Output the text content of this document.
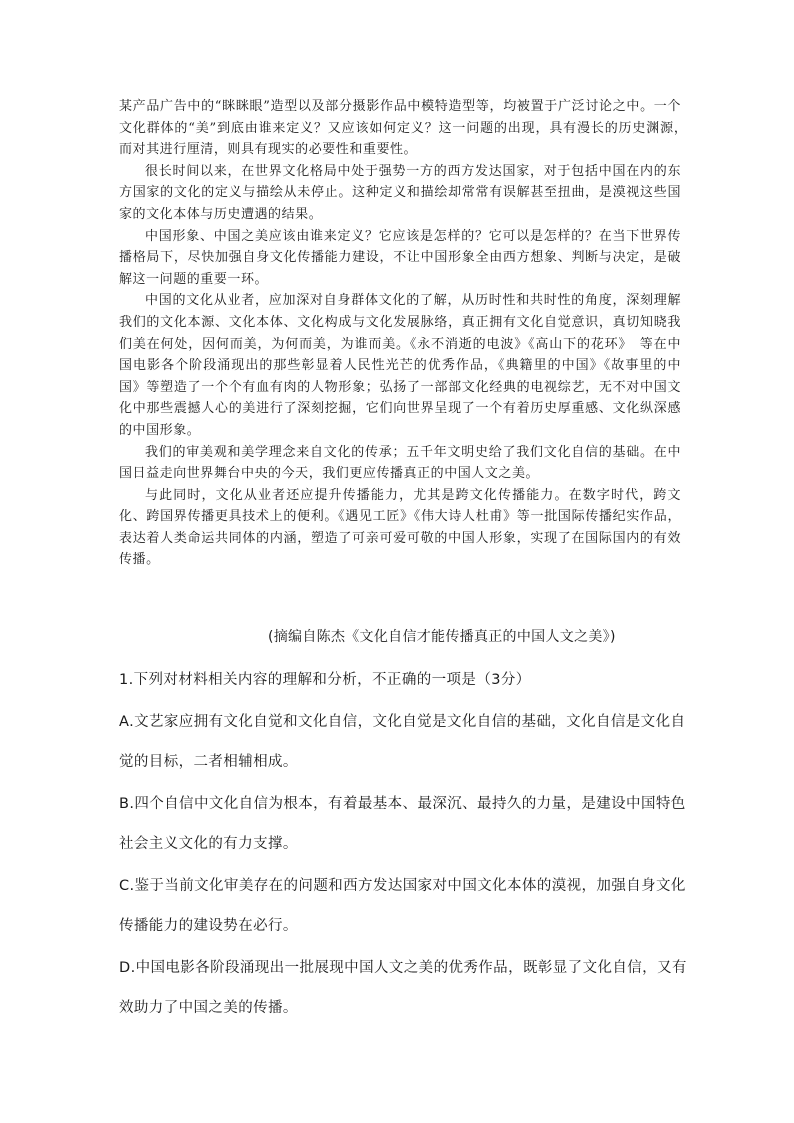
某产品广告中的“眯眯眼”造型以及部分摄影作品中模特造型等，均被置于广泛讨论之中。一个文化群体的“美”到底由谁来定义？又应该如何定义？这一问题的出现，具有漫长的历史渊源，　而对其进行厘清，则具有现实的必要性和重要性。

很长时间以来，在世界文化格局中处于强势一方的西方发达国家，对于包括中国在内的东方国家的文化的定义与描绘从未停止。这种定义和描绘却常常有误解甚至扭曲，是漠视这些国家的文化本体与历史遭遇的结果。

中国形象、中国之美应该由谁来定义？它应该是怎样的？它可以是怎样的？在当下世界传播格局下，尽快加强自身文化传播能力建设，不让中国形象全由西方想象、判断与决定，是破解这一问题的重要一环。

中国的文化从业者，应加深对自身群体文化的了解，从历时性和共时性的角度，深刻理解我们的文化本源、文化本体、文化构成与文化发展脉络，真正拥有文化自觉意识，真切知晓我们美在何处，因何而美，为何而美，为谁而美。《永不消逝的电波》《高山下的花环》　等在中国电影各个阶段涌现出的那些彰显着人民性光芒的优秀作品，《典籍里的中国》《故事里的中国》等塑造了一个个有血有肉的人物形象；弘扬了一部部文化经典的电视综艺，无不对中国文化中那些震撼人心的美进行了深刻挖掘，它们向世界呈现了一个有着历史厚重感、文化纵深感的中国形象。

我们的审美观和美学理念来自文化的传承；五千年文明史给了我们文化自信的基础。在中国日益走向世界舞台中央的今天，我们更应传播真正的中国人文之美。

与此同时，文化从业者还应提升传播能力，尤其是跨文化传播能力。在数字时代，跨文化、跨国界传播更具技术上的便利。《遇见工匠》《伟大诗人杜甫》等一批国际传播纪实作品，表达着人类命运共同体的内涵，塑造了可亲可爱可敬的中国人形象，实现了在国际国内的有效传播。

(摘编自陈杰《文化自信才能传播真正的中国人文之美》)

1.下列对材料相关内容的理解和分析，不正确的一项是（3分）

A.文艺家应拥有文化自觉和文化自信，文化自觉是文化自信的基础，文化自信是文化自觉的目标，二者相辅相成。

B.四个自信中文化自信为根本，有着最基本、最深沉、最持久的力量，是建设中国特色社会主义文化的有力支撑。

C.鉴于当前文化审美存在的问题和西方发达国家对中国文化本体的漠视，加强自身文化传播能力的建设势在必行。

D.中国电影各阶段涌现出一批展现中国人文之美的优秀作品，既彰显了文化自信，又有效助力了中国之美的传播。
